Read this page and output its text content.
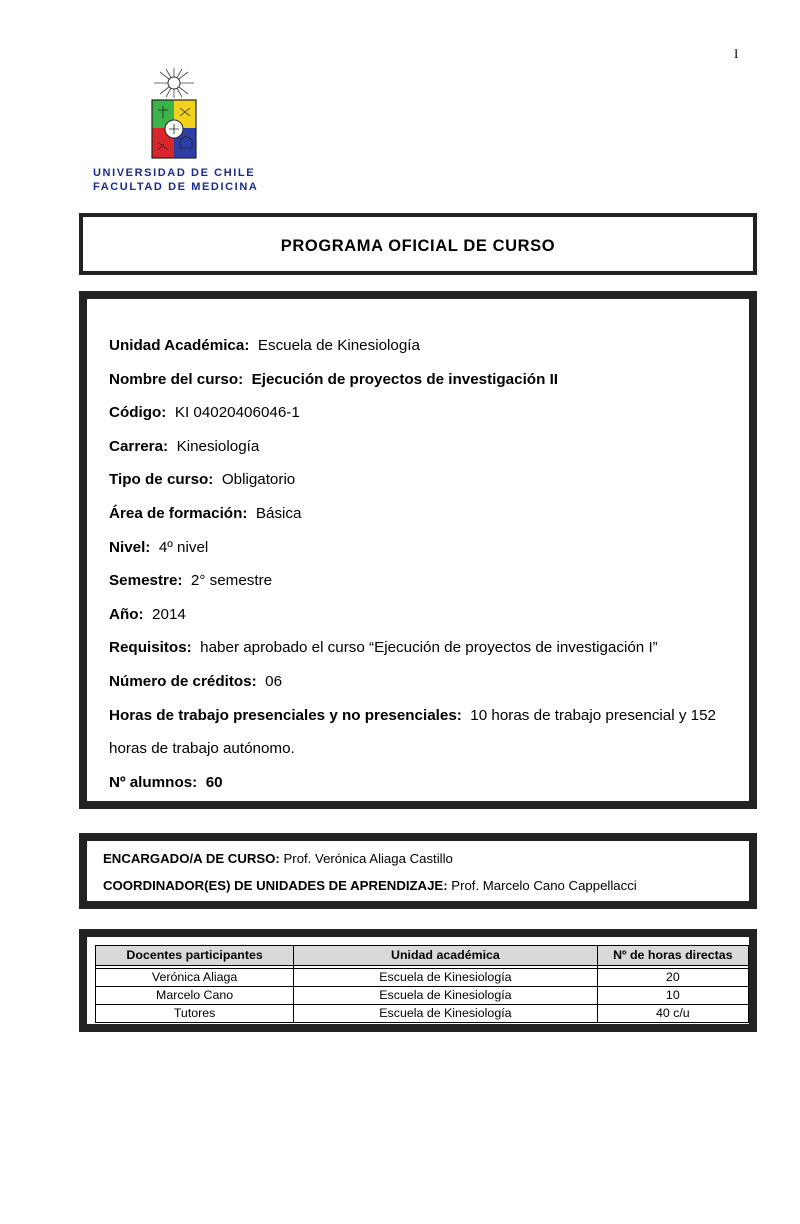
I
UNIVERSIDAD DE CHILE
FACULTAD DE MEDICINA
PROGRAMA OFICIAL DE CURSO
Unidad Académica: Escuela de Kinesiología
Nombre del curso: Ejecución de proyectos de investigación II
Código: KI 04020406046-1
Carrera: Kinesiología
Tipo de curso: Obligatorio
Área de formación: Básica
Nivel: 4º nivel
Semestre: 2° semestre
Año: 2014
Requisitos: haber aprobado el curso “Ejecución de proyectos de investigación I”
Número de créditos: 06
Horas de trabajo presenciales y no presenciales: 10 horas de trabajo presencial y 152
horas de trabajo autónomo.
Nº alumnos: 60
ENCARGADO/A DE CURSO: Prof. Verónica Aliaga Castillo
COORDINADOR(ES) DE UNIDADES DE APRENDIZAJE: Prof. Marcelo Cano Cappellacci
Docentes participantes	Unidad académica	Nº de horas directas

Verónica Aliaga	Escuela de Kinesiología	20
Marcelo Cano	Escuela de Kinesiología	10
Tutores	Escuela de Kinesiología	40 c/u
